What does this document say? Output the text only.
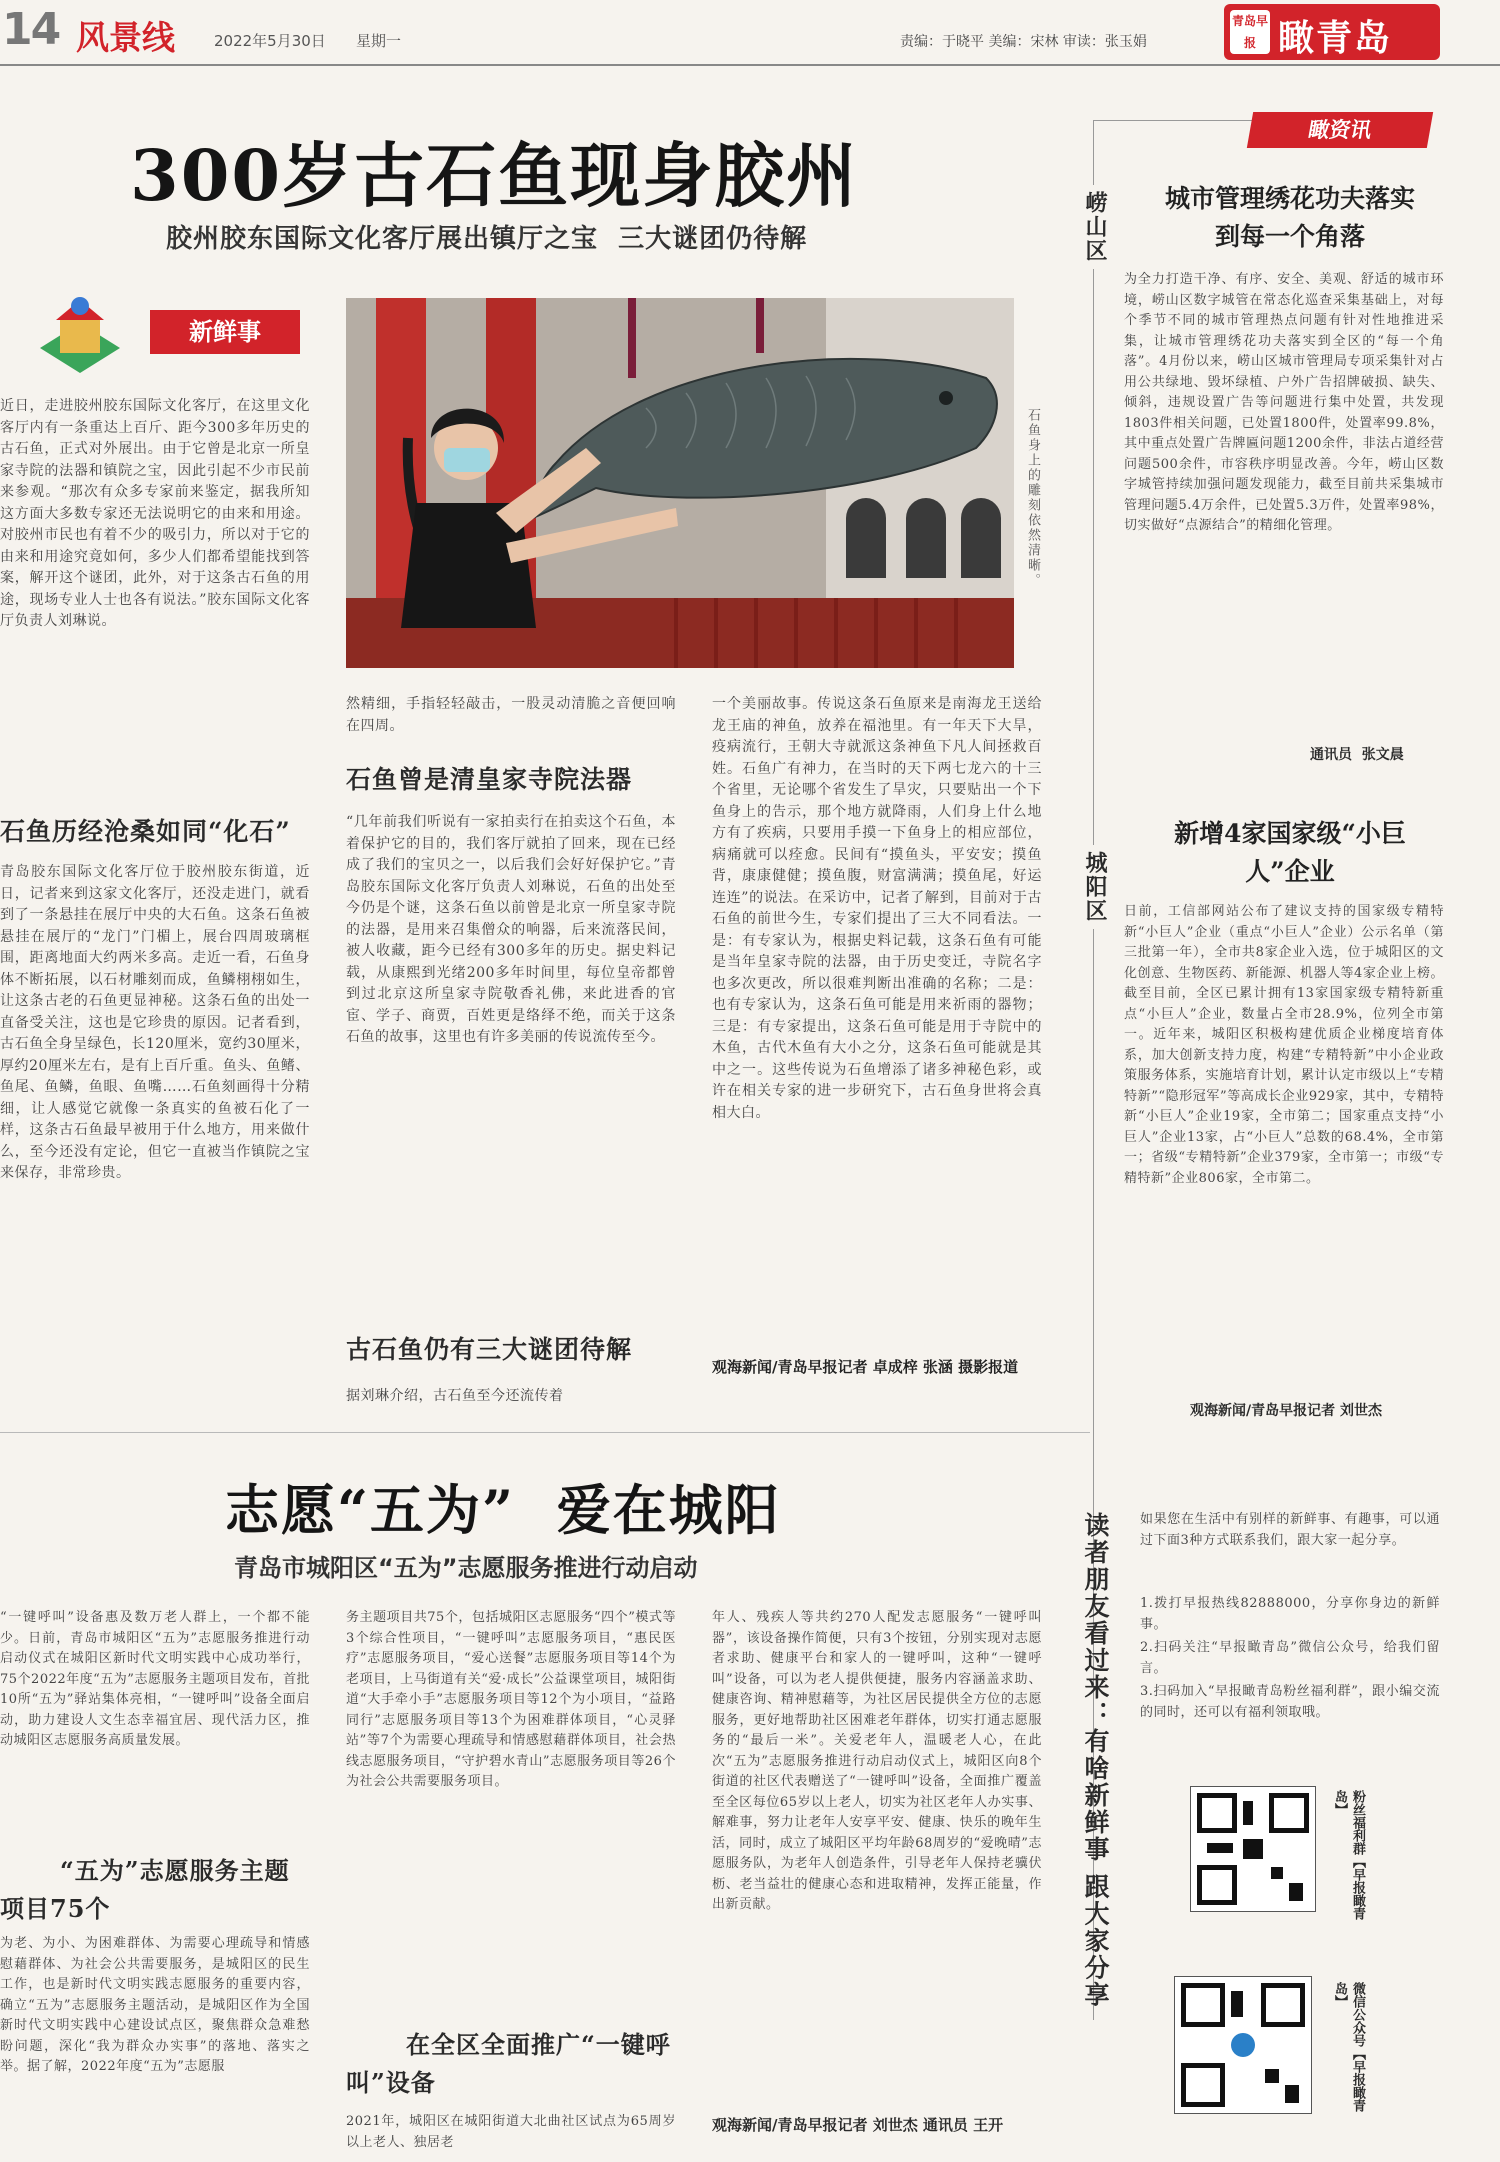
14 风景线	2022年5月30日 星期一	责编：于晓平 美编：宋林 审读：张玉娟
青岛早报 瞰青岛
300岁古石鱼现身胶州
胶州胶东国际文化客厅展出镇厅之宝  三大谜团仍待解
新鲜事
近日，走进胶州胶东国际文化客厅，在这里文化客厅内有一条重达上百斤、距今300多年历史的古石鱼，正式对外展出。由于它曾是北京一所皇家寺院的法器和镇院之宝，因此引起不少市民前来参观。“那次有众多专家前来鉴定，据我所知这方面大多数专家还无法说明它的由来和用途。对胶州市民也有着不少的吸引力，所以对于它的由来和用途究竟如何，多少人们都希望能找到答案，解开这个谜团，此外，对于这条古石鱼的用途，现场专业人士也各有说法。”胶东国际文化客厅负责人刘琳说。
石鱼历经沧桑如同“化石”
青岛胶东国际文化客厅位于胶州胶东街道，近日，记者来到这家文化客厅，还没走进门，就看到了一条悬挂在展厅中央的大石鱼。这条石鱼被悬挂在展厅的“龙门”门楣上，展台四周玻璃框围，距离地面大约两米多高。走近一看，石鱼身体不断拓展，以石材雕刻而成，鱼鳞栩栩如生，让这条古老的石鱼更显神秘。这条石鱼的出处一直备受关注，这也是它珍贵的原因。记者看到，古石鱼全身呈绿色，长120厘米，宽约30厘米，厚约20厘米左右，是有上百斤重。鱼头、鱼鳍、鱼尾、鱼鳞，鱼眼、鱼嘴……石鱼刻画得十分精细，让人感觉它就像一条真实的鱼被石化了一样，这条古石鱼最早被用于什么地方，用来做什么，至今还没有定论，但它一直被当作镇院之宝来保存，非常珍贵。
石鱼身上的雕刻依然清晰。
然精细，手指轻轻敲击，一股灵动清脆之音便回响在四周。
石鱼曾是清皇家寺院法器
“几年前我们听说有一家拍卖行在拍卖这个石鱼，本着保护它的目的，我们客厅就拍了回来，现在已经成了我们的宝贝之一，以后我们会好好保护它。”青岛胶东国际文化客厅负责人刘琳说，石鱼的出处至今仍是个谜，这条石鱼以前曾是北京一所皇家寺院的法器，是用来召集僧众的响器，后来流落民间，被人收藏，距今已经有300多年的历史。据史料记载，从康熙到光绪200多年时间里，每位皇帝都曾到过北京这所皇家寺院敬香礼佛，来此进香的官宦、学子、商贾，百姓更是络绎不绝，而关于这条石鱼的故事，这里也有许多美丽的传说流传至今。
古石鱼仍有三大谜团待解
据刘琳介绍，古石鱼至今还流传着
一个美丽故事。传说这条石鱼原来是南海龙王送给龙王庙的神鱼，放养在福池里。有一年天下大旱，疫病流行，王朝大寺就派这条神鱼下凡人间拯救百姓。石鱼广有神力，在当时的天下两七龙六的十三个省里，无论哪个省发生了旱灾，只要贴出一个下鱼身上的告示，那个地方就降雨，人们身上什么地方有了疾病，只要用手摸一下鱼身上的相应部位，病痛就可以痊愈。民间有“摸鱼头，平安安；摸鱼背，康康健健；摸鱼腹，财富满满；摸鱼尾，好运连连”的说法。在采访中，记者了解到，目前对于古石鱼的前世今生，专家们提出了三大不同看法。一是：有专家认为，根据史料记载，这条石鱼有可能是当年皇家寺院的法器，由于历史变迁，寺院名字也多次更改，所以很难判断出准确的名称；二是：也有专家认为，这条石鱼可能是用来祈雨的器物；三是：有专家提出，这条石鱼可能是用于寺院中的木鱼，古代木鱼有大小之分，这条石鱼可能就是其中之一。这些传说为石鱼增添了诸多神秘色彩，或许在相关专家的进一步研究下，古石鱼身世将会真相大白。
观海新闻/青岛早报记者 卓成梓 张涵 摄影报道
瞰资讯
崂山区 城市管理绣花功夫落实到每一个角落
为全力打造干净、有序、安全、美观、舒适的城市环境，崂山区数字城管在常态化巡查采集基础上，对每个季节不同的城市管理热点问题有针对性地推进采集，让城市管理绣花功夫落实到全区的“每一个角落”。4月份以来，崂山区城市管理局专项采集针对占用公共绿地、毁坏绿植、户外广告招牌破损、缺失、倾斜，违规设置广告等问题进行集中处置，共发现1803件相关问题，已处置1800件，处置率99.8%，其中重点处置广告牌匾问题1200余件，非法占道经营问题500余件，市容秩序明显改善。今年，崂山区数字城管持续加强问题发现能力，截至目前共采集城市管理问题5.4万余件，已处置5.3万件，处置率98%，切实做好“点源结合”的精细化管理。
通讯员  张文晨
城阳区
新增4家国家级“小巨人”企业
日前，工信部网站公布了建议支持的国家级专精特新“小巨人”企业（重点“小巨人”企业）公示名单（第三批第一年），全市共8家企业入选，位于城阳区的文化创意、生物医药、新能源、机器人等4家企业上榜。截至目前，全区已累计拥有13家国家级专精特新重点“小巨人”企业，数量占全市28.9%，位列全市第一。近年来，城阳区积极构建优质企业梯度培育体系，加大创新支持力度，构建“专精特新”中小企业政策服务体系，实施培育计划，累计认定市级以上“专精特新”“隐形冠军”等高成长企业929家，其中，专精特新“小巨人”企业19家，全市第二；国家重点支持“小巨人”企业13家，占“小巨人”总数的68.4%，全市第一；省级“专精特新”企业379家，全市第一；市级“专精特新”企业806家，全市第二。
观海新闻/青岛早报记者 刘世杰
志愿“五为”  爱在城阳
青岛市城阳区“五为”志愿服务推进行动启动
“一键呼叫”设备惠及数万老人群上，一个都不能少。日前，青岛市城阳区“五为”志愿服务推进行动启动仪式在城阳区新时代文明实践中心成功举行，75个2022年度“五为”志愿服务主题项目发布，首批10所“五为”驿站集体亮相，“一键呼叫”设备全面启动，助力建设人文生态幸福宜居、现代活力区，推动城阳区志愿服务高质量发展。
“五为”志愿服务主题项目75个
为老、为小、为困难群体、为需要心理疏导和情感慰藉群体、为社会公共需要服务，是城阳区的民生工作，也是新时代文明实践志愿服务的重要内容，确立“五为”志愿服务主题活动，是城阳区作为全国新时代文明实践中心建设试点区，聚焦群众急难愁盼问题，深化“我为群众办实事”的落地、落实之举。据了解，2022年度“五为”志愿服
务主题项目共75个，包括城阳区志愿服务“四个”模式等3个综合性项目，“一键呼叫”志愿服务项目，“惠民医疗”志愿服务项目，“爱心送餐”志愿服务项目等14个为老项目，上马街道有关“爱·成长”公益课堂项目，城阳街道“大手牵小手”志愿服务项目等12个为小项目，“益路同行”志愿服务项目等13个为困难群体项目，“心灵驿站”等7个为需要心理疏导和情感慰藉群体项目，社会热线志愿服务项目，“守护碧水青山”志愿服务项目等26个为社会公共需要服务项目。
在全区全面推广“一键呼叫”设备
2021年，城阳区在城阳街道大北曲社区试点为65周岁以上老人、独居老
年人、残疾人等共约270人配发志愿服务“一键呼叫器”，该设备操作简便，只有3个按钮，分别实现对志愿者求助、健康平台和家人的一键呼叫，这种“一键呼叫”设备，可以为老人提供便捷，服务内容涵盖求助、健康咨询、精神慰藉等，为社区居民提供全方位的志愿服务，更好地帮助社区困难老年群体，切实打通志愿服务的“最后一米”。关爱老年人，温暖老人心，在此次“五为”志愿服务推进行动启动仪式上，城阳区向8个街道的社区代表赠送了“一键呼叫”设备，全面推广覆盖至全区每位65岁以上老人，切实为社区老年人办实事、解难事，努力让老年人安享平安、健康、快乐的晚年生活，同时，成立了城阳区平均年龄68周岁的“爱晚晴”志愿服务队，为老年人创造条件，引导老年人保持老骥伏枥、老当益壮的健康心态和进取精神，发挥正能量，作出新贡献。
观海新闻/青岛早报记者 刘世杰 通讯员 王开
读者朋友看过来：有啥新鲜事 跟大家分享 如果您在生活中有别样的新鲜事、有趣事，可以通过下面3种方式联系我们，跟大家一起分享。
1.拨打早报热线82888000，分享你身边的新鲜事。
2.扫码关注“早报瞰青岛”微信公众号，给我们留言。
3.扫码加入“早报瞰青岛粉丝福利群”，跟小编交流的同时，还可以有福利领取哦。
粉丝福利群【早报瞰青岛】
微信公众号【早报瞰青岛】
